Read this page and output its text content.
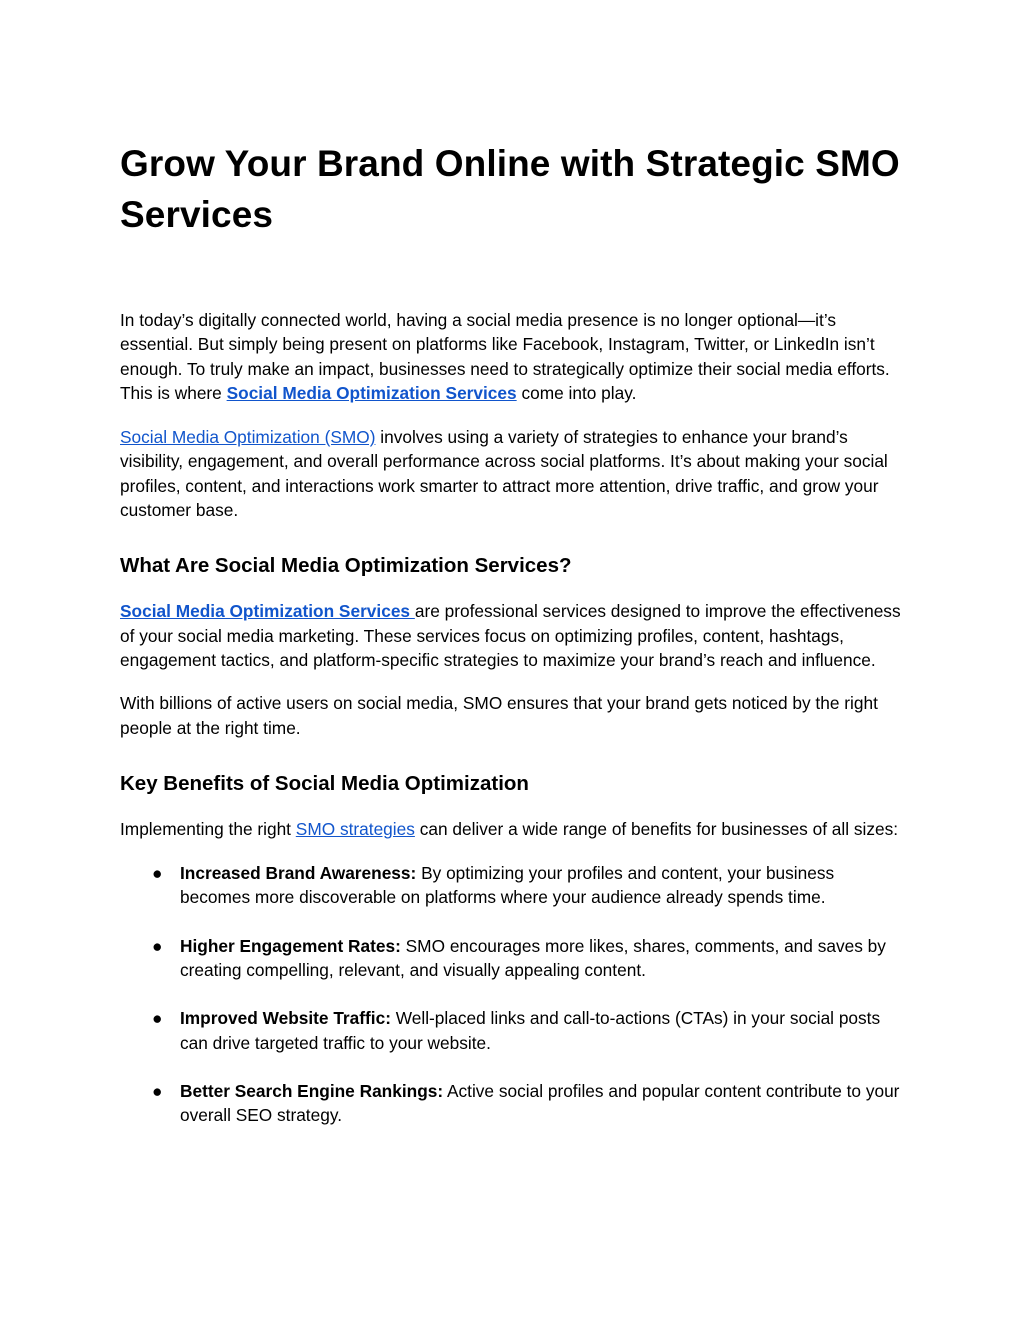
Grow Your Brand Online with Strategic SMO Services

In today’s digitally connected world, having a social media presence is no longer optional—it’s essential. But simply being present on platforms like Facebook, Instagram, Twitter, or LinkedIn isn’t enough. To truly make an impact, businesses need to strategically optimize their social media efforts. This is where Social Media Optimization Services come into play.

Social Media Optimization (SMO) involves using a variety of strategies to enhance your brand’s visibility, engagement, and overall performance across social platforms. It’s about making your social profiles, content, and interactions work smarter to attract more attention, drive traffic, and grow your customer base.

What Are Social Media Optimization Services?

Social Media Optimization Services are professional services designed to improve the effectiveness of your social media marketing. These services focus on optimizing profiles, content, hashtags, engagement tactics, and platform-specific strategies to maximize your brand’s reach and influence.

With billions of active users on social media, SMO ensures that your brand gets noticed by the right people at the right time.

Key Benefits of Social Media Optimization

Implementing the right SMO strategies can deliver a wide range of benefits for businesses of all sizes:

● Increased Brand Awareness: By optimizing your profiles and content, your business becomes more discoverable on platforms where your audience already spends time.
● Higher Engagement Rates: SMO encourages more likes, shares, comments, and saves by creating compelling, relevant, and visually appealing content.
● Improved Website Traffic: Well-placed links and call-to-actions (CTAs) in your social posts can drive targeted traffic to your website.
● Better Search Engine Rankings: Active social profiles and popular content contribute to your overall SEO strategy.
